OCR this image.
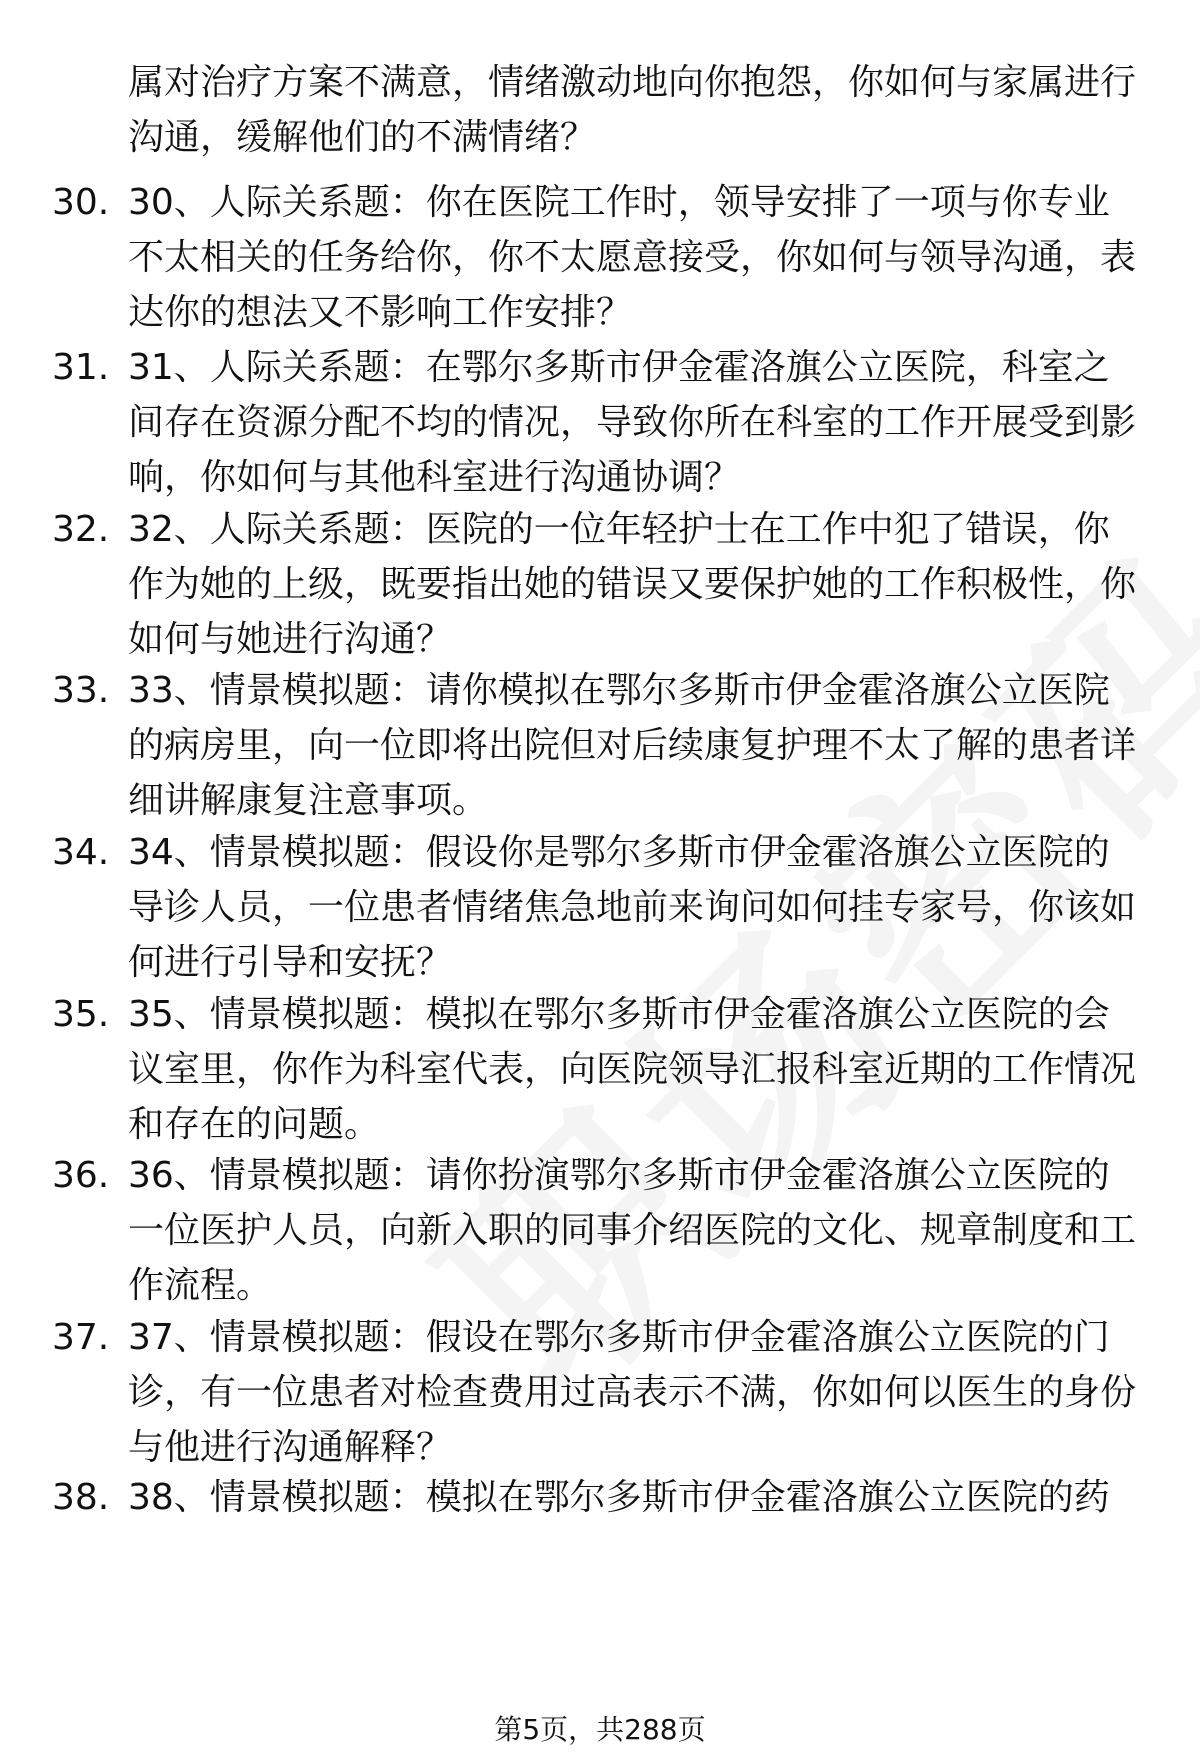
属对治疗方案不满意，情绪激动地向你抱怨，你如何与家属进行沟通，缓解他们的不满情绪？
30. 30、人际关系题：你在医院工作时，领导安排了一项与你专业不太相关的任务给你，你不太愿意接受，你如何与领导沟通，表达你的想法又不影响工作安排？
31. 31、人际关系题：在鄂尔多斯市伊金霍洛旗公立医院，科室之间存在资源分配不均的情况，导致你所在科室的工作开展受到影响，你如何与其他科室进行沟通协调？
32. 32、人际关系题：医院的一位年轻护士在工作中犯了错误，你作为她的上级，既要指出她的错误又要保护她的工作积极性，你如何与她进行沟通？
33. 33、情景模拟题：请你模拟在鄂尔多斯市伊金霍洛旗公立医院的病房里，向一位即将出院但对后续康复护理不太了解的患者详细讲解康复注意事项。
34. 34、情景模拟题：假设你是鄂尔多斯市伊金霍洛旗公立医院的导诊人员，一位患者情绪焦急地前来询问如何挂专家号，你该如何进行引导和安抚？
35. 35、情景模拟题：模拟在鄂尔多斯市伊金霍洛旗公立医院的会议室里，你作为科室代表，向医院领导汇报科室近期的工作情况和存在的问题。
36. 36、情景模拟题：请你扮演鄂尔多斯市伊金霍洛旗公立医院的一位医护人员，向新入职的同事介绍医院的文化、规章制度和工作流程。
37. 37、情景模拟题：假设在鄂尔多斯市伊金霍洛旗公立医院的门诊，有一位患者对检查费用过高表示不满，你如何以医生的身份与他进行沟通解释？
38. 38、情景模拟题：模拟在鄂尔多斯市伊金霍洛旗公立医院的药
第5页，共288页
